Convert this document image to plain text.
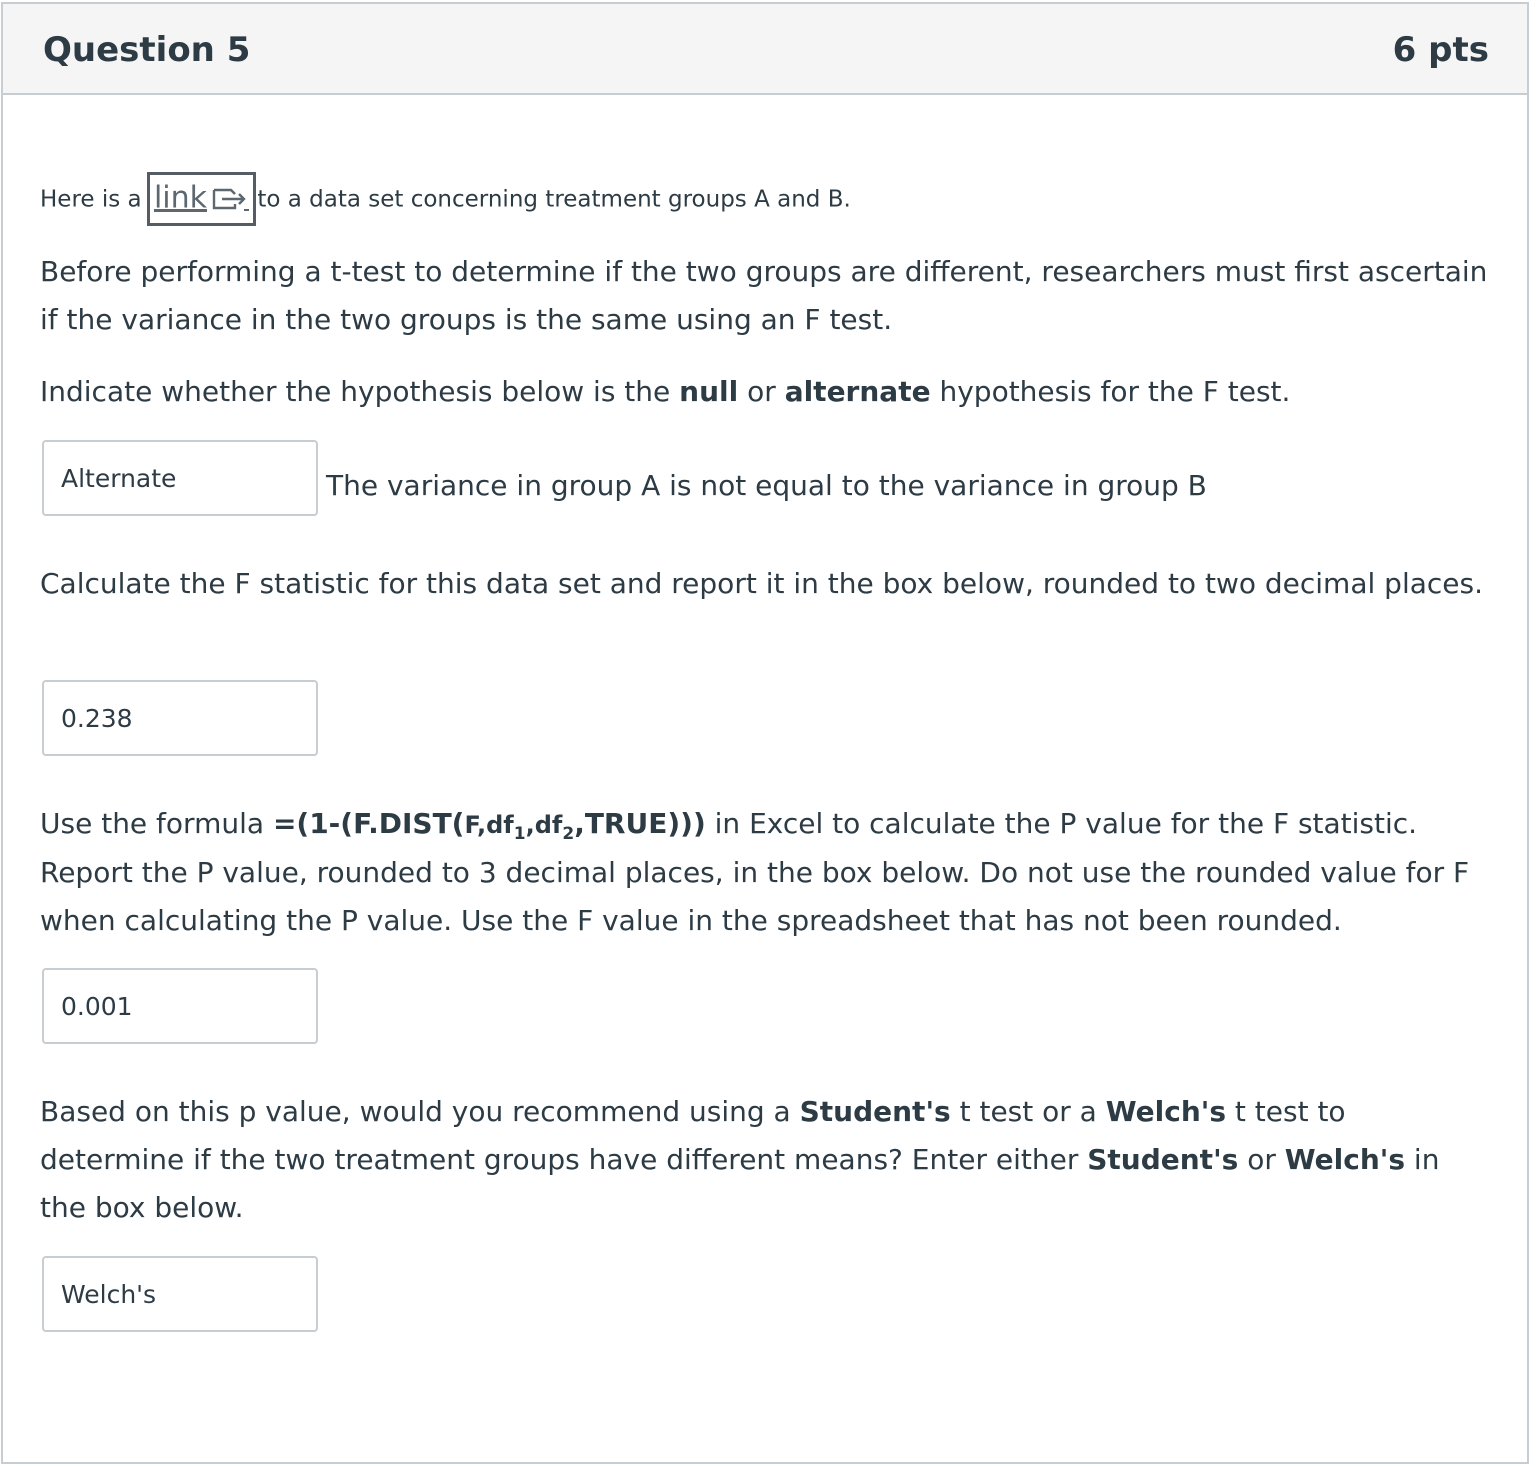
Question 5	6 pts
Here is a link to a data set concerning treatment groups A and B.

Before performing a t-test to determine if the two groups are different, researchers must first ascertain if the variance in the two groups is the same using an F test.

Indicate whether the hypothesis below is the null or alternate hypothesis for the F test.

Alternate
The variance in group A is not equal to the variance in group B

Calculate the F statistic for this data set and report it in the box below, rounded to two decimal places.

0.238

Use the formula $=(1-(F.DIST(F,df_1,df_2,TRUE)))$ in Excel to calculate the P value for the F statistic. Report the P value, rounded to 3 decimal places, in the box below. Do not use the rounded value for F when calculating the P value. Use the F value in the spreadsheet that has not been rounded.

0.001

Based on this p value, would you recommend using a Student's t test or a Welch's t test to determine if the two treatment groups have different means? Enter either Student's or Welch's in the box below.

Welch's
